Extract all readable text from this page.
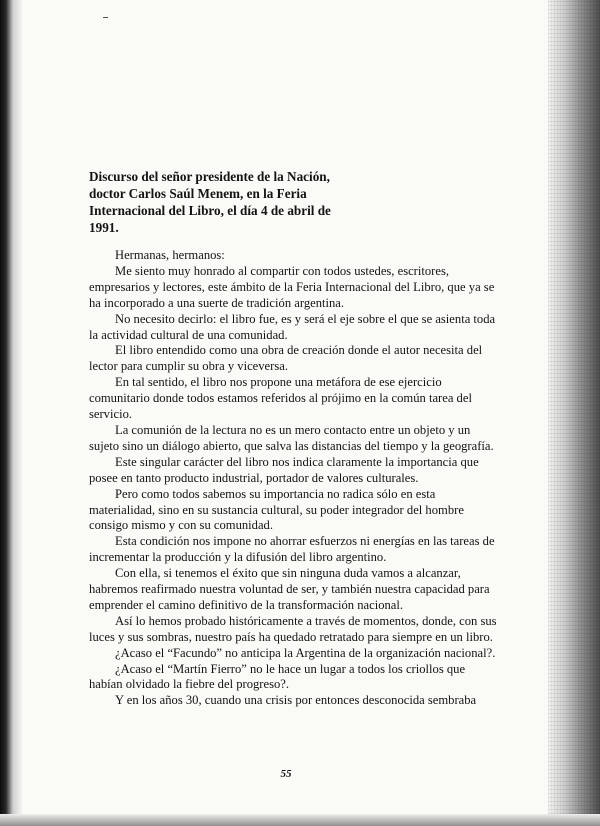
Discurso del señor presidente de la Nación, doctor Carlos Saúl Menem, en la Feria Internacional del Libro, el día 4 de abril de 1991.

Hermanas, hermanos:

Me siento muy honrado al compartir con todos ustedes, escritores, empresarios y lectores, este ámbito de la Feria Internacional del Libro, que ya se ha incorporado a una suerte de tradición argentina.

No necesito decirlo: el libro fue, es y será el eje sobre el que se asienta toda la actividad cultural de una comunidad.

El libro entendido como una obra de creación donde el autor necesita del lector para cumplir su obra y viceversa.

En tal sentido, el libro nos propone una metáfora de ese ejercicio comunitario donde todos estamos referidos al prójimo en la común tarea del servicio.

La comunión de la lectura no es un mero contacto entre un objeto y un sujeto sino un diálogo abierto, que salva las distancias del tiempo y la geografía.

Este singular carácter del libro nos indica claramente la importancia que posee en tanto producto industrial, portador de valores culturales.

Pero como todos sabemos su importancia no radica sólo en esta materialidad, sino en su sustancia cultural, su poder integrador del hombre consigo mismo y con su comunidad.

Esta condición nos impone no ahorrar esfuerzos ni energías en las tareas de incrementar la producción y la difusión del libro argentino.

Con ella, si tenemos el éxito que sin ninguna duda vamos a alcanzar, habremos reafirmado nuestra voluntad de ser, y también nuestra capacidad para emprender el camino definitivo de la transformación nacional.

Así lo hemos probado históricamente a través de momentos, donde, con sus luces y sus sombras, nuestro país ha quedado retratado para siempre en un libro.

¿Acaso el “Facundo” no anticipa la Argentina de la organización nacional?.

¿Acaso el “Martín Fierro” no le hace un lugar a todos los criollos que habían olvidado la fiebre del progreso?.

Y en los años 30, cuando una crisis por entonces desconocida sembraba

55
